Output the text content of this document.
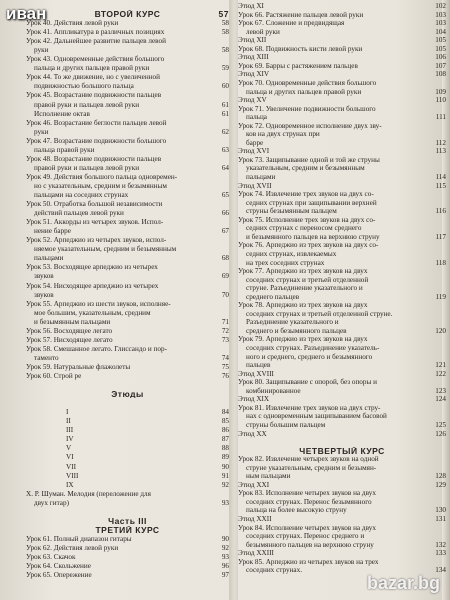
ВТОРОЙ КУРС	57
Урок 40. Действия левой руки	58
Урок 41. Аппликатура в различных позициях	58
Урок 42. Дальнейшее развитие пальцев левой
руки	58
Урок 43. Одновременные действия большого
пальца и других пальцев правой руки	59
Урок 44. То же движение, но с увеличенной
подвижностью большого пальца	60
Урок 45. Возрастание подвижности пальцев
правой руки и пальцев левой руки	61
Исполнение октав	61
Урок 46. Возрастание беглости пальцев левой
руки	62
Урок 47. Возрастание подвижности большого
пальца правой руки	63
Урок 48. Возрастание подвижности пальцев
правой руки и пальцев левой руки	64
Урок 49. Действия большого пальца одновремен-
но с указательным, средним и безымянным
пальцами на соседних струнах	65
Урок 50. Отработка большой независимости
действий пальцев левой руки	66
Урок 51. Аккорды из четырех звуков. Испол-
нение барре	67
Урок 52. Арпеджио из четырех звуков, испол-
няемое указательным, средним и безымянным
пальцами	68
Урок 53. Восходящее арпеджио из четырех
звуков	69
Урок 54. Нисходящее арпеджио из четырех
звуков	70
Урок 55. Арпеджио из шести звуков, исполняе-
мое большим, указательным, средним
и безымянным пальцами	71
Урок 56. Восходящее легато	72
Урок 57. Нисходящее легато	73
Урок 58. Смешанное легато. Глиссандо и пор-
таменто	74
Урок 59. Натуральные флажолеты	75
Урок 60. Строй ре	76
Этюды
I	84
II	85
III	86
IV	87
V	88
VI	89
VII	90
VIII	91
IX	92
X. Р. Шуман. Мелодия (переложение для
двух гитар)	93
Часть III
ТРЕТИЙ КУРС
Урок 61. Полный диапазон гитары	90
Урок 62. Действия левой руки	92
Урок 63. Скачок	93
Урок 64. Скольжение	96
Урок 65. Опережение	97
Этюд XI	102
Урок 66. Растяжение пальцев левой руки	103
Урок 67. Сложение и предвидящая	103
левой руки	104
Этюд XII	105
Урок 68. Подвижность кисти левой руки	105
Этюд XIII	106
Урок 69. Барры с растяжением пальцев	107
Этюд XIV	108
Урок 70. Одновременные действия большого
пальца и других пальцев правой руки	109
Этюд XV	110
Урок 71. Увеличение подвижности большого
пальца	111
Урок 72. Одновременное исполнение двух зву-
ков на двух струнах при
барре	112
Этюд XVI	113
Урок 73. Защипывание одной и той же струны
указательным, средним и безымянным
пальцами	114
Этюд XVII	115
Урок 74. Извлечение трех звуков на двух со-
седних струнах при защипывании верхней
струны безымянным пальцем	116
Урок 75. Исполнение трех звуков на двух со-
седних струнах с переносом среднего
и безымянного пальцев на верхнюю струну	117
Урок 76. Арпеджио из трех звуков на двух со-
седних струнах, извлекаемых
на трех соседних струнах	118
Урок 77. Арпеджио из трех звуков на двух
соседних струнах и третьей отделенной
струне. Разъединение указательного и
среднего пальцев	119
Урок 78. Арпеджио из трех звуков на двух
соседних струнах и третьей отделенной струне.
Разъединение указательного и
среднего и безымянного пальцев	120
Урок 79. Арпеджио из трех звуков на двух
соседних струнах. Разъединение указатель-
ного и среднего, среднего и безымянного
пальцев	121
Этюд XVIII	122
Урок 80. Защипывание с опорой, без опоры и
комбинированное	123
Этюд XIX	124
Урок 81. Извлечение трех звуков на двух стру-
нах с одновременным защипыванием басовой
струны большим пальцем	125
Этюд XX	126
ЧЕТВЕРТЫЙ КУРС
Урок 82. Извлечение четырех звуков на одной
струне указательным, средним и безымян-
ным пальцами	128
Этюд XXI	129
Урок 83. Исполнение четырех звуков на двух
соседних струнах. Перенос безымянного
пальца на более высокую струну	130
Этюд XXII	131
Урок 84. Исполнение четырех звуков на двух
соседних струнах. Перенос среднего и
безымянного пальцев на верхнюю струну	132
Этюд XXIII	133
Урок 85. Арпеджио из четырех звуков на трех
соседних струнах.	134
иван
bazar.bg
